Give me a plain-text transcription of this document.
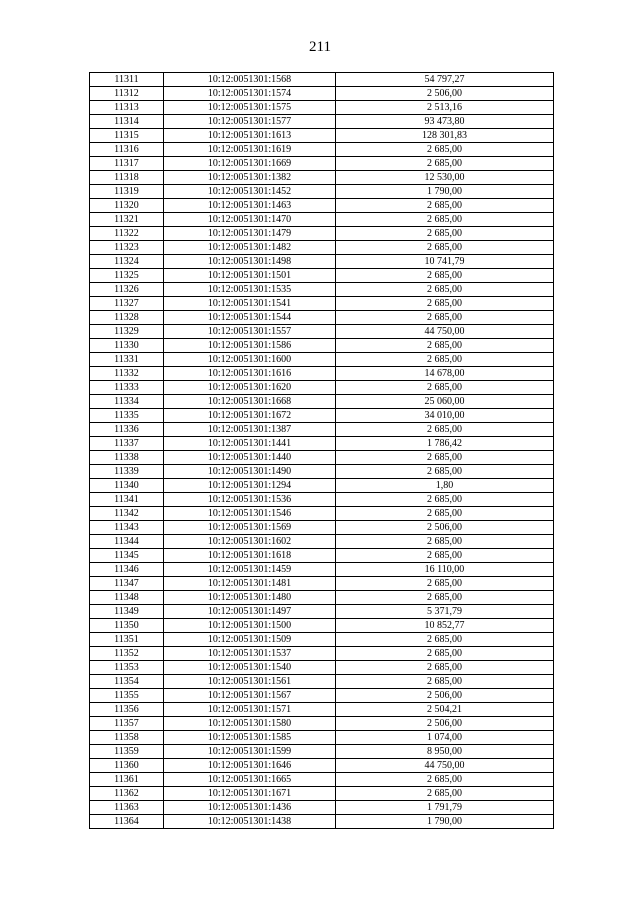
211
11311	10:12:0051301:1568	54 797,27
11312	10:12:0051301:1574	2 506,00
11313	10:12:0051301:1575	2 513,16
11314	10:12:0051301:1577	93 473,80
11315	10:12:0051301:1613	128 301,83
11316	10:12:0051301:1619	2 685,00
11317	10:12:0051301:1669	2 685,00
11318	10:12:0051301:1382	12 530,00
11319	10:12:0051301:1452	1 790,00
11320	10:12:0051301:1463	2 685,00
11321	10:12:0051301:1470	2 685,00
11322	10:12:0051301:1479	2 685,00
11323	10:12:0051301:1482	2 685,00
11324	10:12:0051301:1498	10 741,79
11325	10:12:0051301:1501	2 685,00
11326	10:12:0051301:1535	2 685,00
11327	10:12:0051301:1541	2 685,00
11328	10:12:0051301:1544	2 685,00
11329	10:12:0051301:1557	44 750,00
11330	10:12:0051301:1586	2 685,00
11331	10:12:0051301:1600	2 685,00
11332	10:12:0051301:1616	14 678,00
11333	10:12:0051301:1620	2 685,00
11334	10:12:0051301:1668	25 060,00
11335	10:12:0051301:1672	34 010,00
11336	10:12:0051301:1387	2 685,00
11337	10:12:0051301:1441	1 786,42
11338	10:12:0051301:1440	2 685,00
11339	10:12:0051301:1490	2 685,00
11340	10:12:0051301:1294	1,80
11341	10:12:0051301:1536	2 685,00
11342	10:12:0051301:1546	2 685,00
11343	10:12:0051301:1569	2 506,00
11344	10:12:0051301:1602	2 685,00
11345	10:12:0051301:1618	2 685,00
11346	10:12:0051301:1459	16 110,00
11347	10:12:0051301:1481	2 685,00
11348	10:12:0051301:1480	2 685,00
11349	10:12:0051301:1497	5 371,79
11350	10:12:0051301:1500	10 852,77
11351	10:12:0051301:1509	2 685,00
11352	10:12:0051301:1537	2 685,00
11353	10:12:0051301:1540	2 685,00
11354	10:12:0051301:1561	2 685,00
11355	10:12:0051301:1567	2 506,00
11356	10:12:0051301:1571	2 504,21
11357	10:12:0051301:1580	2 506,00
11358	10:12:0051301:1585	1 074,00
11359	10:12:0051301:1599	8 950,00
11360	10:12:0051301:1646	44 750,00
11361	10:12:0051301:1665	2 685,00
11362	10:12:0051301:1671	2 685,00
11363	10:12:0051301:1436	1 791,79
11364	10:12:0051301:1438	1 790,00
